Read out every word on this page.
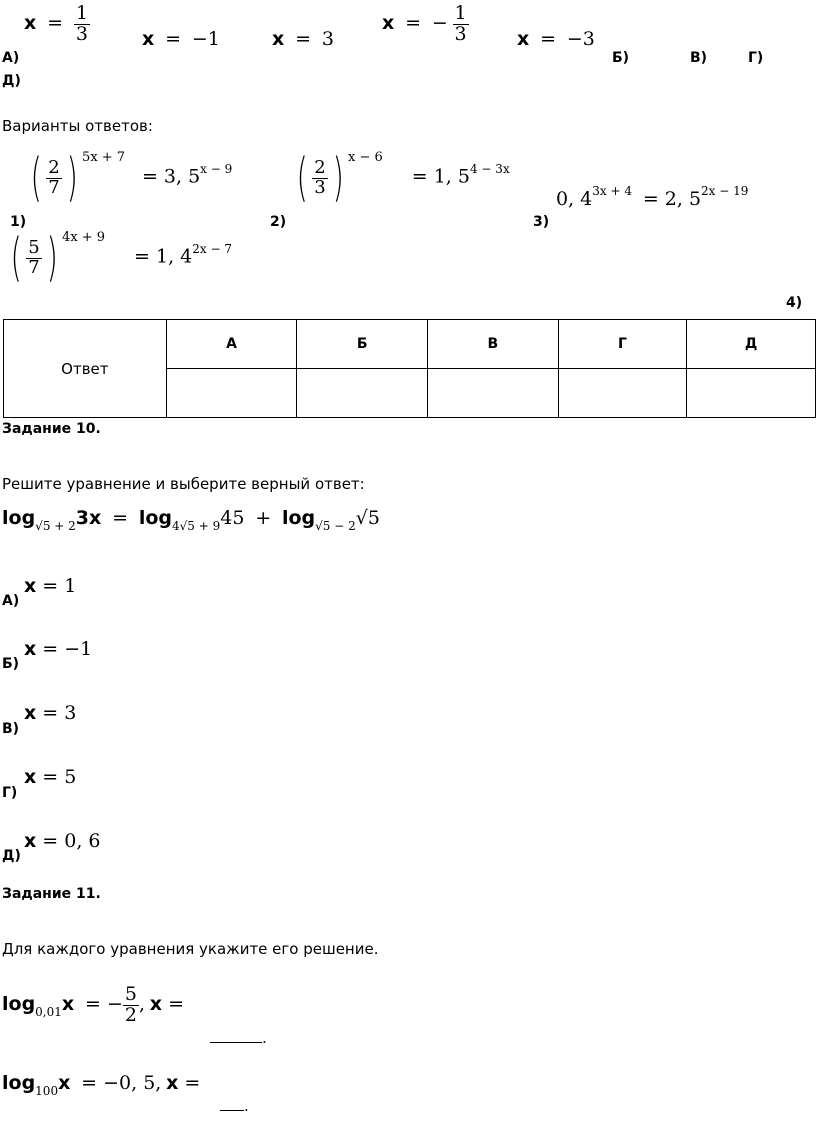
$x = \frac{1}{3}$	x  =  −1	x  =  3
x  =  − $\frac{1}{3}$	x  =  −3
А)	Б)	В)	Г)
Д)
Варианты ответов:
( $\frac{2}{7}$ ) 5x + 7   = 3, $5^{x - 9}$
1)
( $\frac{2}{3}$ ) x − 6     = 1, $5^{4 - 3x}$
2)
0, $4^{3x + 4} = 2$, $5^{2x - 19}$
3)
( $\frac{5}{7}$ ) 4x + 9     = 1, $4^{2x - 7}$
4)
Ответ	А	Б	В	Г	Д

Задание 10.
Решите уравнение и выберите верный ответ:
$\log_{√5 + 2}3x = \log_{4√5 + 9}45 + \log_{√5 - 2}√5$
x = 1
А)
x = −1
Б)
x = 3
В)
x = 5
Г)
x = 0, 6
Д)
Задание 11.
Для каждого уравнения укажите его решение.
$\log_{0,01}x$  = − $\frac{5}{2}$ , x =
.
$\log_{100}x = -0$, 5, x =
.
